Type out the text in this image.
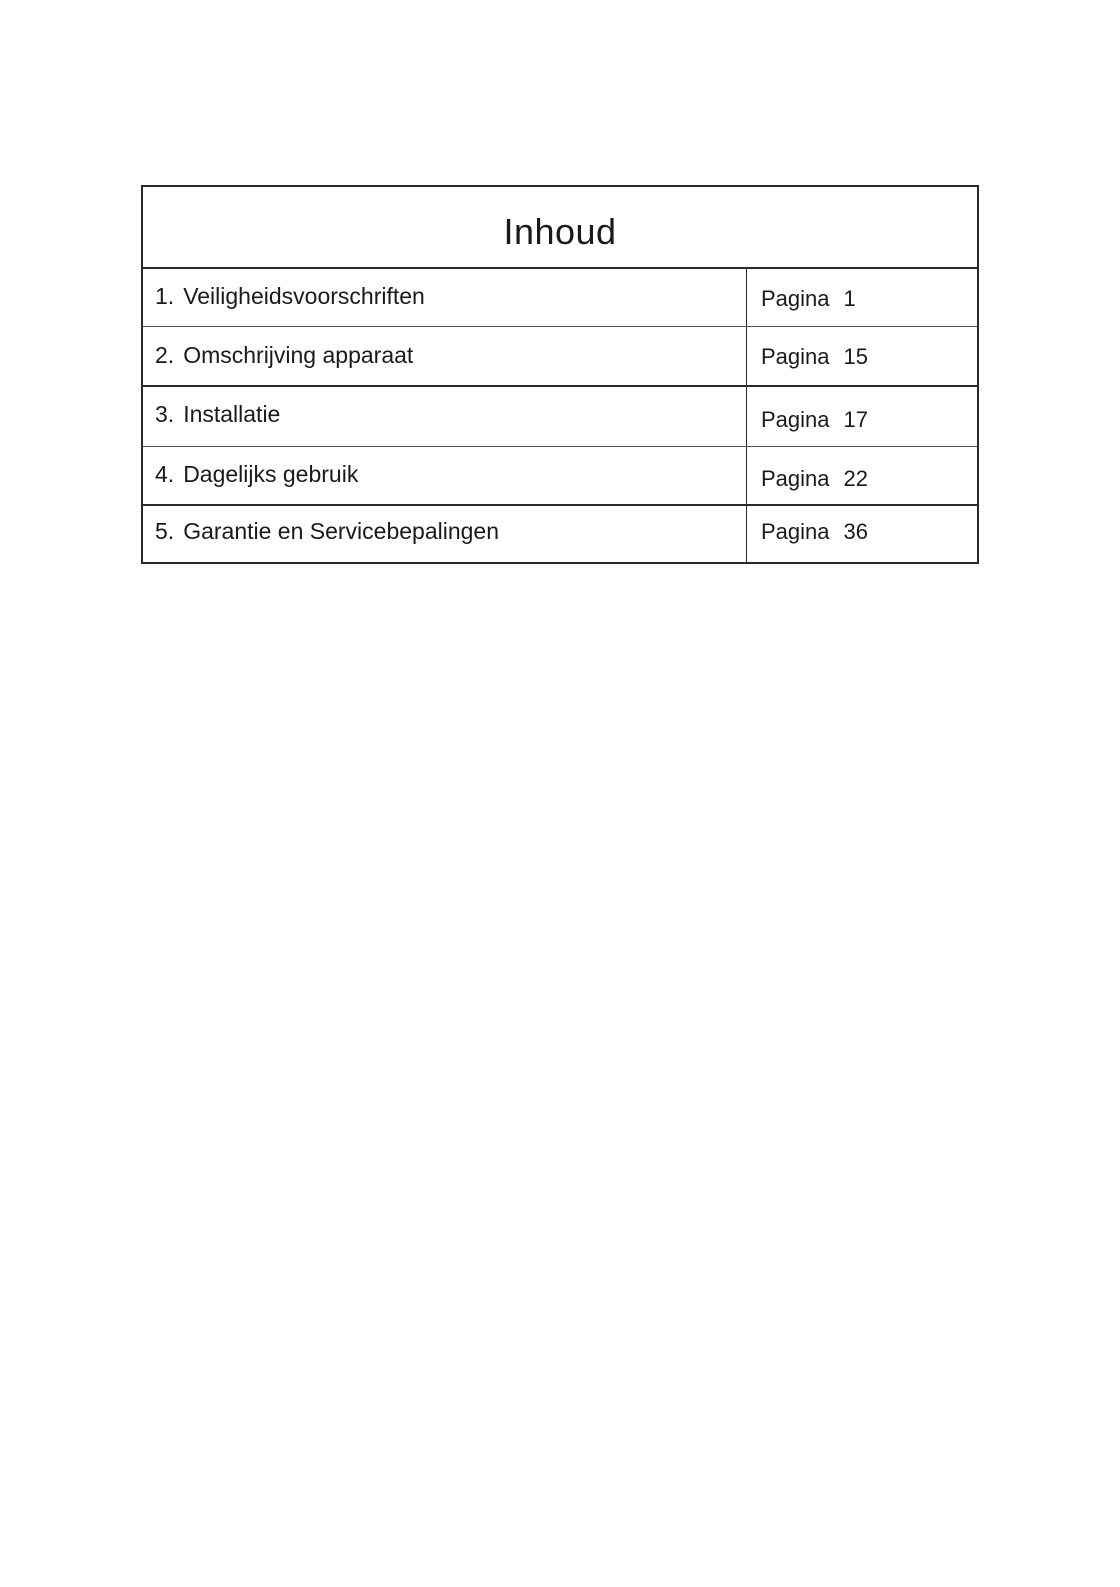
Inhoud
1. Veiligheidsvoorschriften	Pagina 1
2. Omschrijving apparaat	Pagina 15
3. Installatie	Pagina 17
4. Dagelijks gebruik	Pagina 22
5. Garantie en Servicebepalingen	Pagina 36
